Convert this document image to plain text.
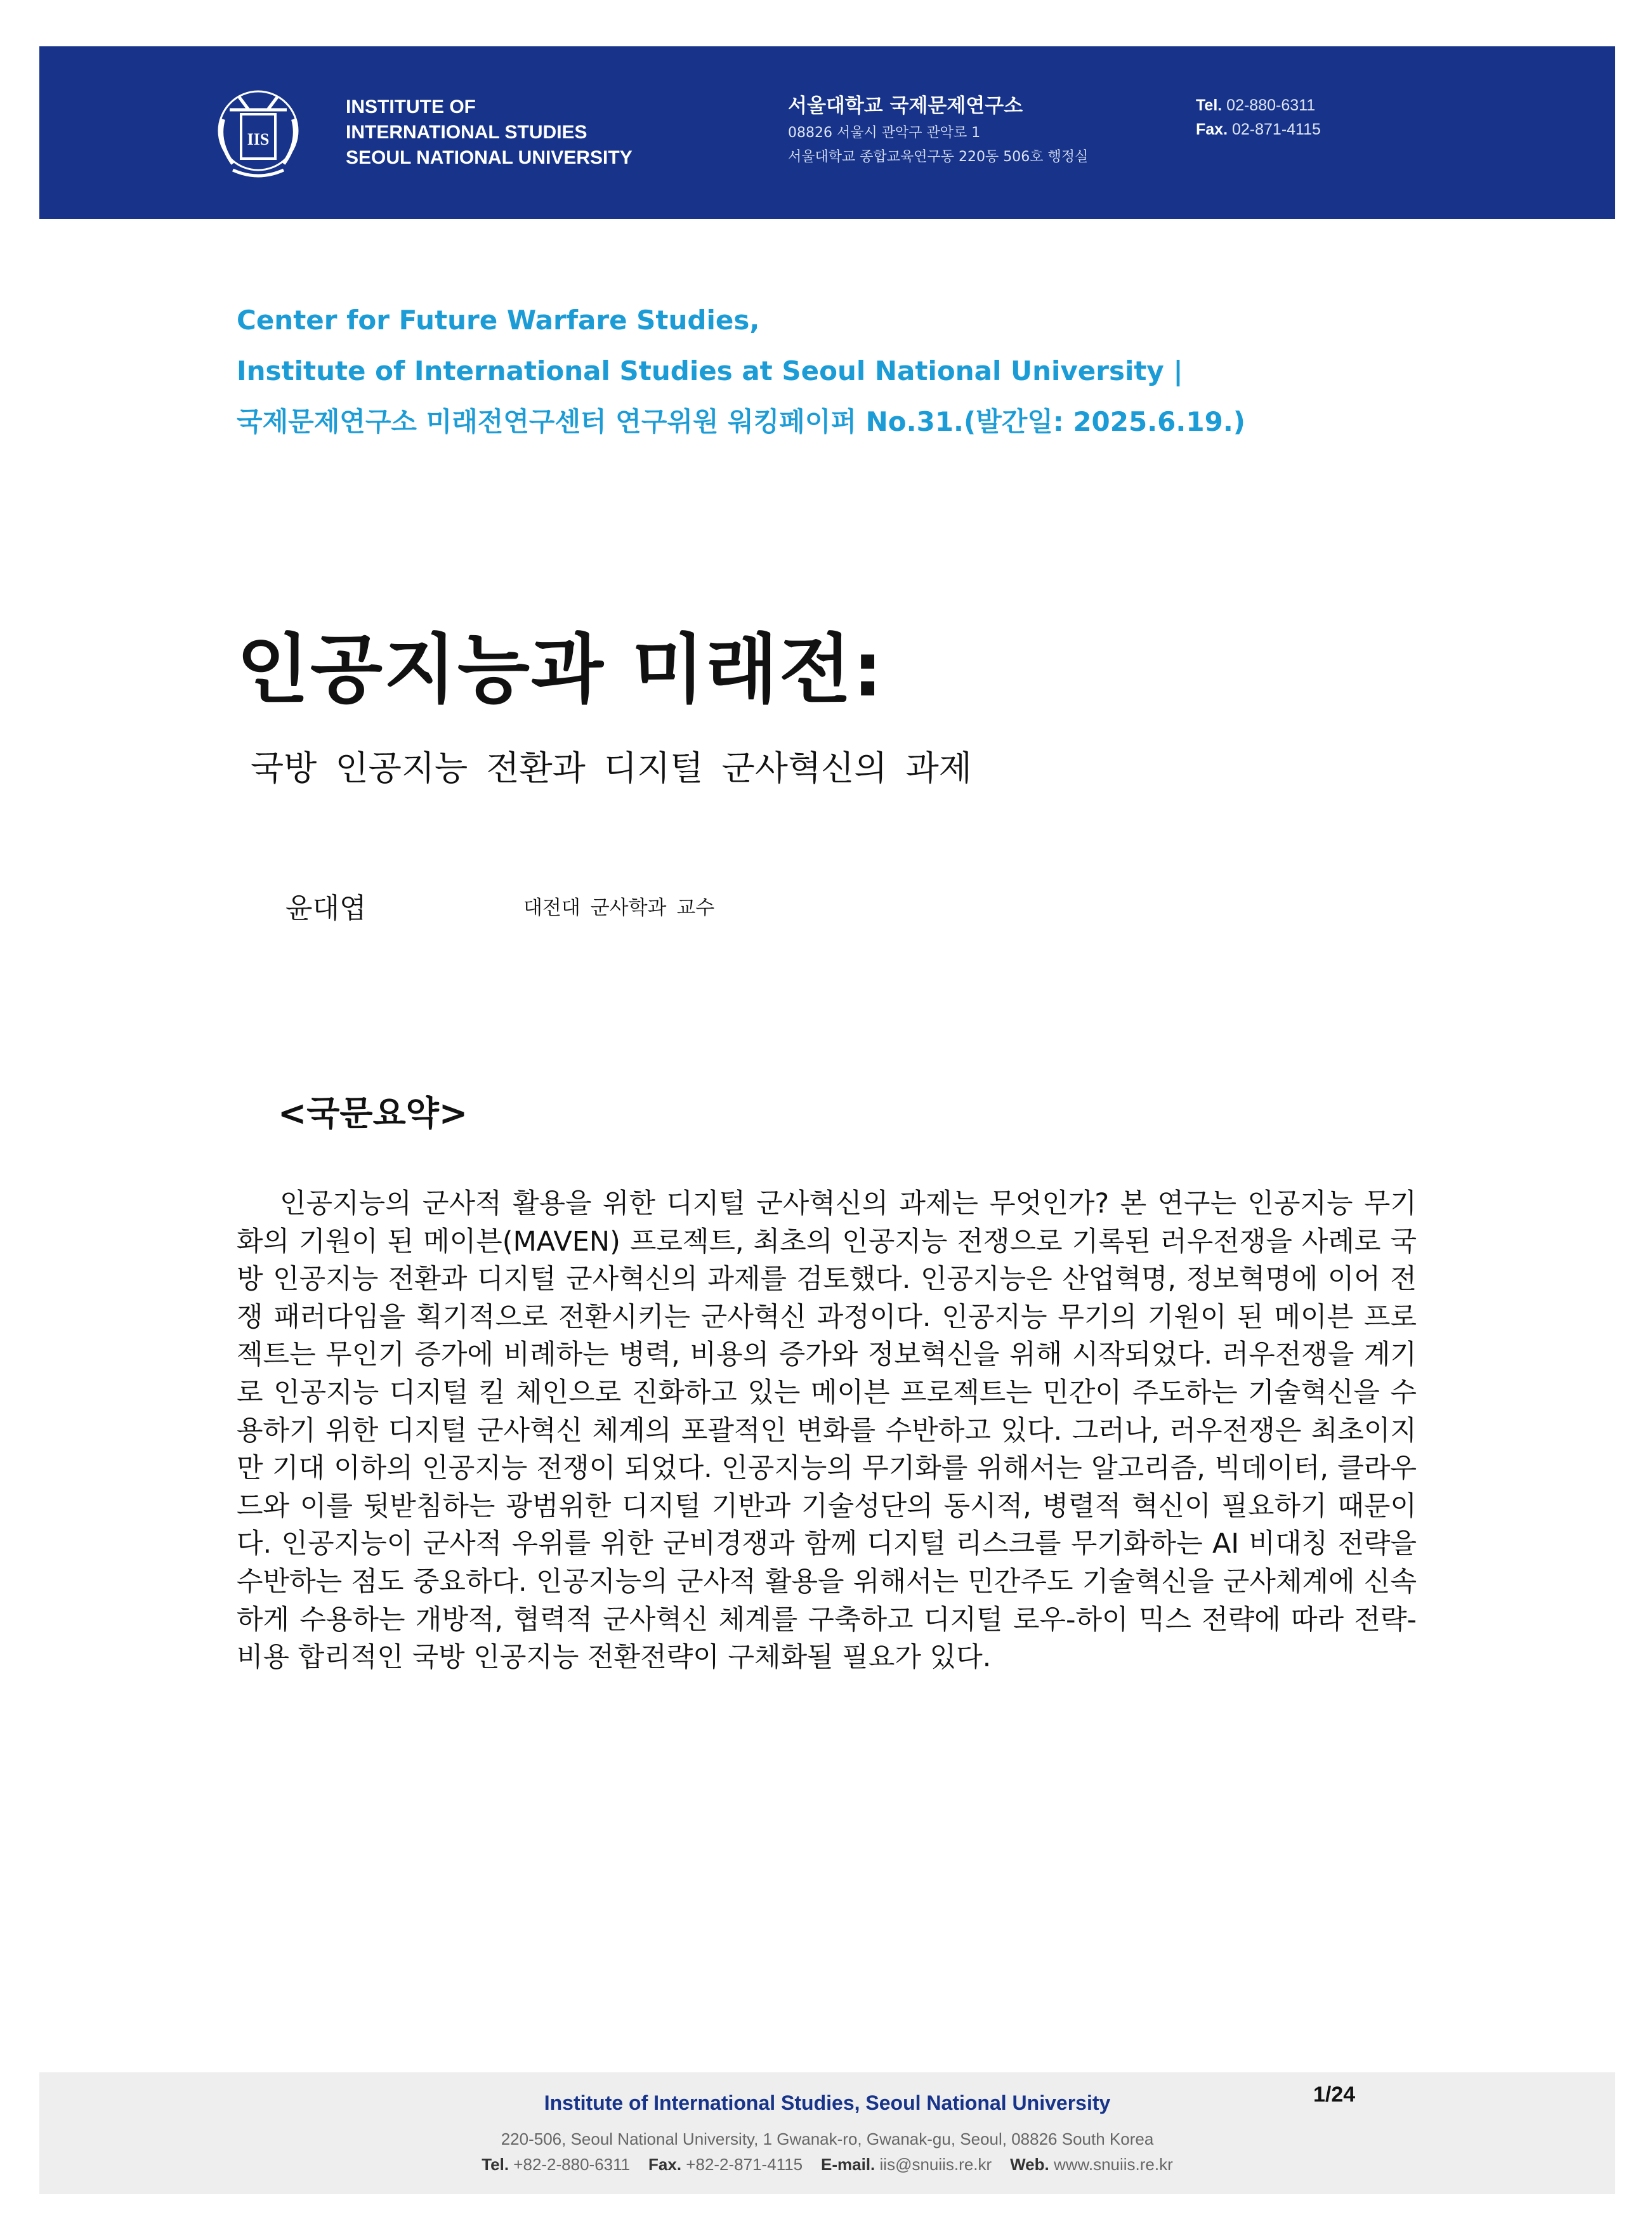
IIS
INSTITUTE OF
INTERNATIONAL STUDIES
SEOUL NATIONAL UNIVERSITY
서울대학교 국제문제연구소
08826 서울시 관악구 관악로 1
서울대학교 종합교육연구동 220동 506호 행정실
Tel. 02-880-6311
Fax. 02-871-4115
Center for Future Warfare Studies,
Institute of International Studies at Seoul National University |
국제문제연구소 미래전연구센터 연구위원 워킹페이퍼 No.31.(발간일: 2025.6.19.)
인공지능과 미래전:
국방 인공지능 전환과 디지털 군사혁신의 과제
윤대엽	대전대 군사학과 교수
<국문요약>

인공지능의 군사적 활용을 위한 디지털 군사혁신의 과제는 무엇인가? 본 연구는 인공지능 무기화의 기원이 된 메이븐(MAVEN) 프로젝트, 최초의 인공지능 전쟁으로 기록된 러우전쟁을 사례로 국방 인공지능 전환과 디지털 군사혁신의 과제를 검토했다. 인공지능은 산업혁명, 정보혁명에 이어 전쟁 패러다임을 획기적으로 전환시키는 군사혁신 과정이다. 인공지능 무기의 기원이 된 메이븐 프로젝트는 무인기 증가에 비례하는 병력, 비용의 증가와 정보혁신을 위해 시작되었다. 러우전쟁을 계기로 인공지능 디지털 킬 체인으로 진화하고 있는 메이븐 프로젝트는 민간이 주도하는 기술혁신을 수용하기 위한 디지털 군사혁신 체계의 포괄적인 변화를 수반하고 있다. 그러나, 러우전쟁은 최초이지만 기대 이하의 인공지능 전쟁이 되었다. 인공지능의 무기화를 위해서는 알고리즘, 빅데이터, 클라우드와 이를 뒷받침하는 광범위한 디지털 기반과 기술성단의 동시적, 병렬적 혁신이 필요하기 때문이다. 인공지능이 군사적 우위를 위한 군비경쟁과 함께 디지털 리스크를 무기화하는 AI 비대칭 전략을 수반하는 점도 중요하다. 인공지능의 군사적 활용을 위해서는 민간주도 기술혁신을 군사체계에 신속하게 수용하는 개방적, 협력적 군사혁신 체계를 구축하고 디지털 로우-하이 믹스 전략에 따라 전략-비용 합리적인 국방 인공지능 전환전략이 구체화될 필요가 있다.

Institute of International Studies, Seoul National University
220-506, Seoul National University, 1 Gwanak-ro, Gwanak-gu, Seoul, 08826 South Korea
Tel. +82-2-880-6311 Fax. +82-2-871-4115 E-mail. iis@snuiis.re.kr Web. www.snuiis.re.kr
1/24
